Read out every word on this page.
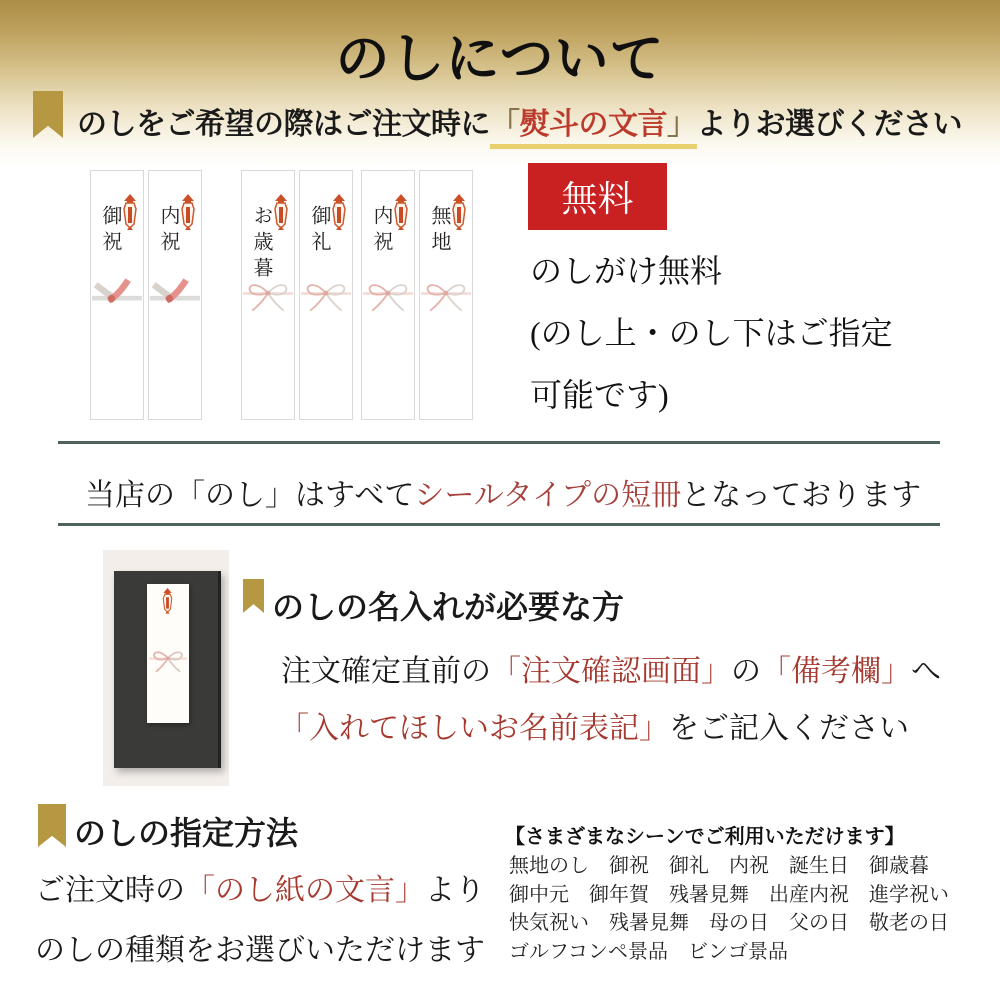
のしについて
のしをご希望の際はご注文時に「熨斗の文言」よりお選びください
御祝 内祝	お歳暮 御礼 内祝 無地
無料
のしがけ無料
(のし上・のし下はご指定
可能です)
当店の「のし」はすべてシールタイプの短冊となっております
のしの名入れが必要な方
注文確定直前の「注文確認画面」の「備考欄」へ
「入れてほしいお名前表記」をご記入ください
のしの指定方法
ご注文時の「のし紙の文言」より
のしの種類をお選びいただけます
【さまざまなシーンでご利用いただけます】
無地のし　御祝　御礼　内祝　誕生日　御歳暮
御中元　御年賀　残暑見舞　出産内祝　進学祝い
快気祝い　残暑見舞　母の日　父の日　敬老の日
ゴルフコンペ景品　ビンゴ景品
